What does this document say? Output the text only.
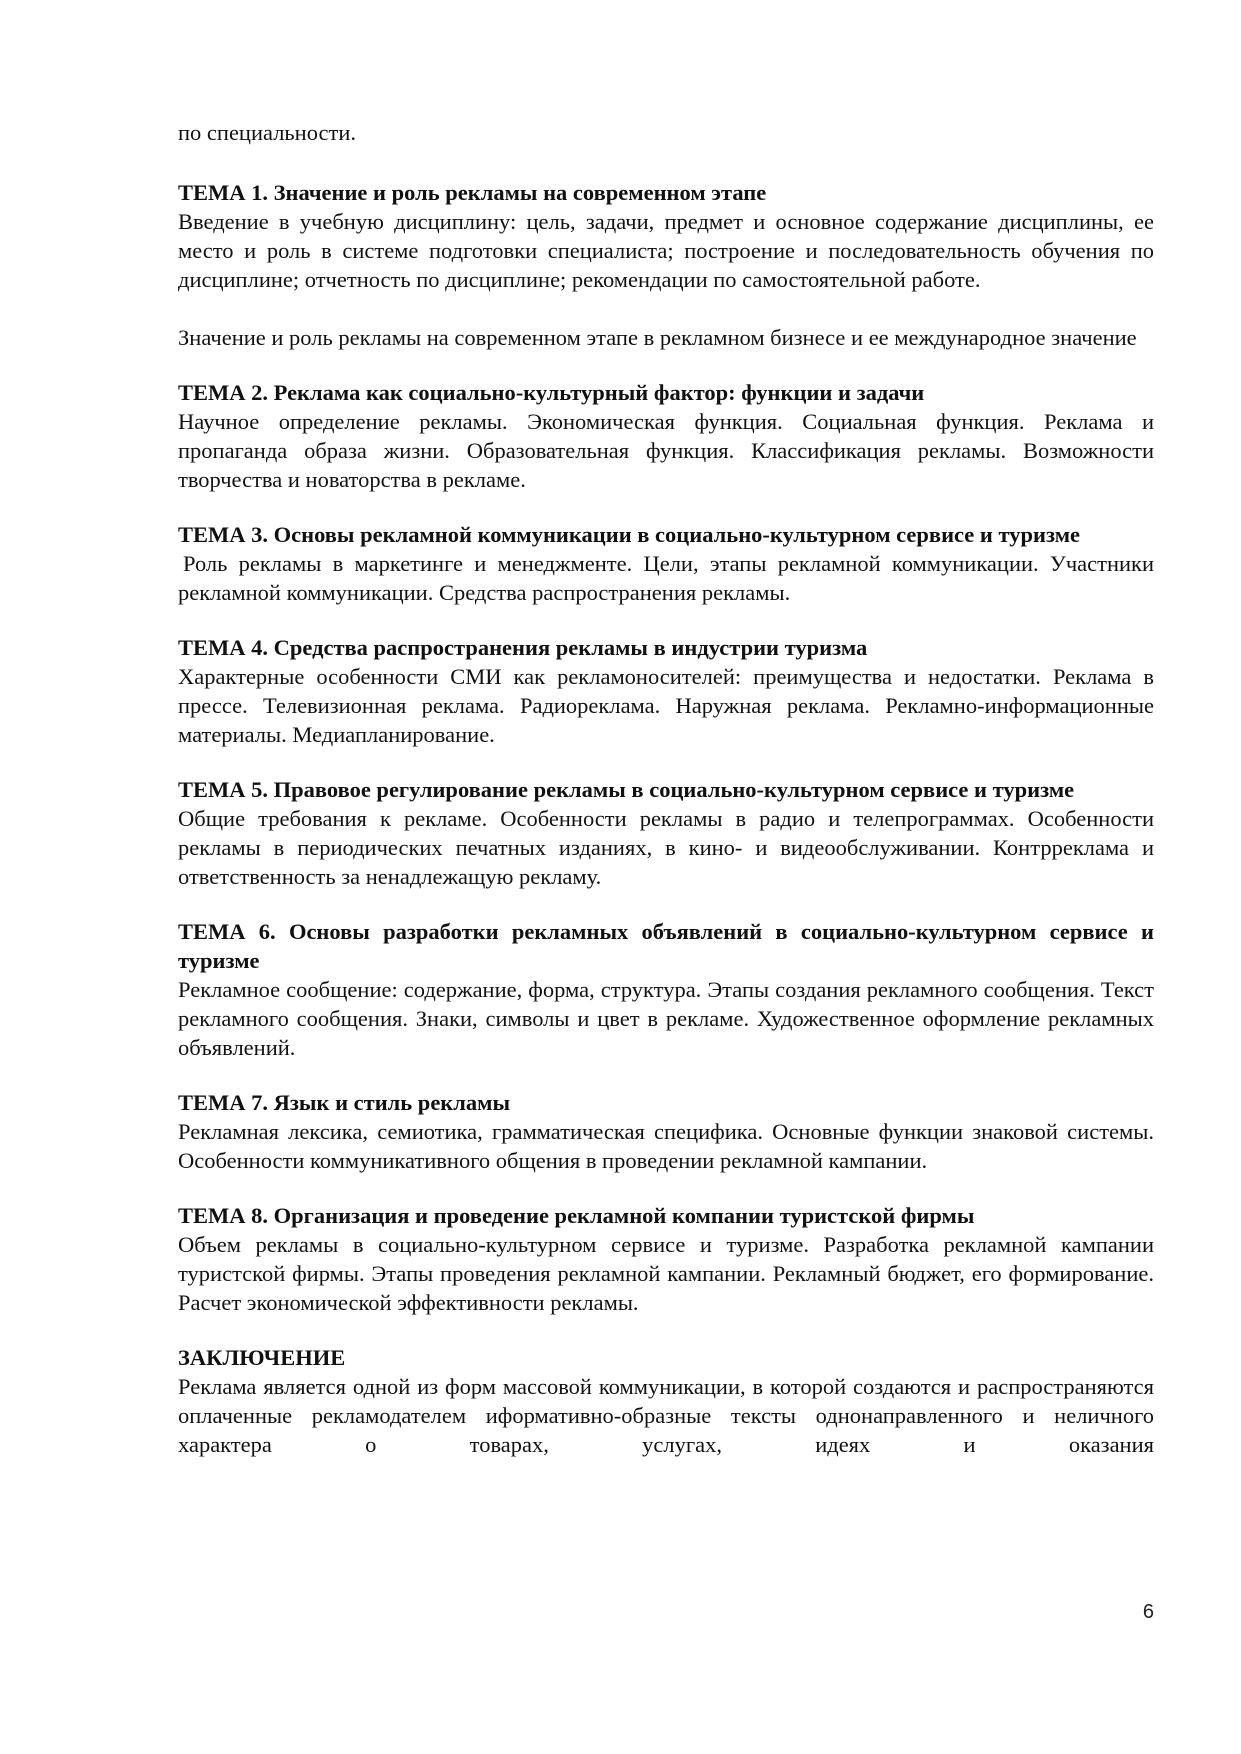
по специальности.

ТЕМА 1. Значение и роль рекламы на современном этапе

Введение в учебную дисциплину: цель, задачи, предмет и основное содержание дисциплины, ее место и роль в системе подготовки специалиста; построение и последовательность обучения по дисциплине; отчетность по дисциплине; рекомендации по самостоятельной работе.

Значение и роль рекламы на современном этапе в рекламном бизнесе и ее международное значение

ТЕМА 2. Реклама как социально-культурный фактор: функции и задачи

Научное определение рекламы. Экономическая функция. Социальная функция. Реклама и пропаганда образа жизни. Образовательная функция. Классификация рекламы. Возможности творчества и новаторства в рекламе.

ТЕМА 3. Основы рекламной коммуникации в социально-культурном сервисе и туризме

Роль рекламы в маркетинге и менеджменте. Цели, этапы рекламной коммуникации. Участники рекламной коммуникации. Средства распространения рекламы.

ТЕМА 4. Средства распространения рекламы в индустрии туризма

Характерные особенности СМИ как рекламоносителей: преимущества и недостатки. Реклама в прессе. Телевизионная реклама. Радиореклама. Наружная реклама. Рекламно-информационные материалы. Медиапланирование.

ТЕМА 5. Правовое регулирование рекламы в социально-культурном сервисе и туризме

Общие требования к рекламе. Особенности рекламы в радио и телепрограммах. Особенности рекламы в периодических печатных изданиях, в кино- и видеообслуживании. Контрреклама и ответственность за ненадлежащую рекламу.

ТЕМА 6. Основы разработки рекламных объявлений в социально-культурном сервисе и туризме

Рекламное сообщение: содержание, форма, структура. Этапы создания рекламного сообщения. Текст рекламного сообщения. Знаки, символы и цвет в рекламе. Художественное оформление рекламных объявлений.

ТЕМА 7. Язык и стиль рекламы

Рекламная лексика, семиотика, грамматическая специфика. Основные функции знаковой системы. Особенности коммуникативного общения в проведении рекламной кампании.

ТЕМА 8. Организация и проведение рекламной компании туристской фирмы

Объем рекламы в социально-культурном сервисе и туризме. Разработка рекламной кампании туристской фирмы. Этапы проведения рекламной кампании. Рекламный бюджет, его формирование. Расчет экономической эффективности рекламы.

ЗАКЛЮЧЕНИЕ

Реклама является одной из форм массовой коммуникации, в которой создаются и распространяются оплаченные рекламодателем иформативно-образные тексты однонаправленного и неличного характера о товарах, услугах, идеях и оказания

6
